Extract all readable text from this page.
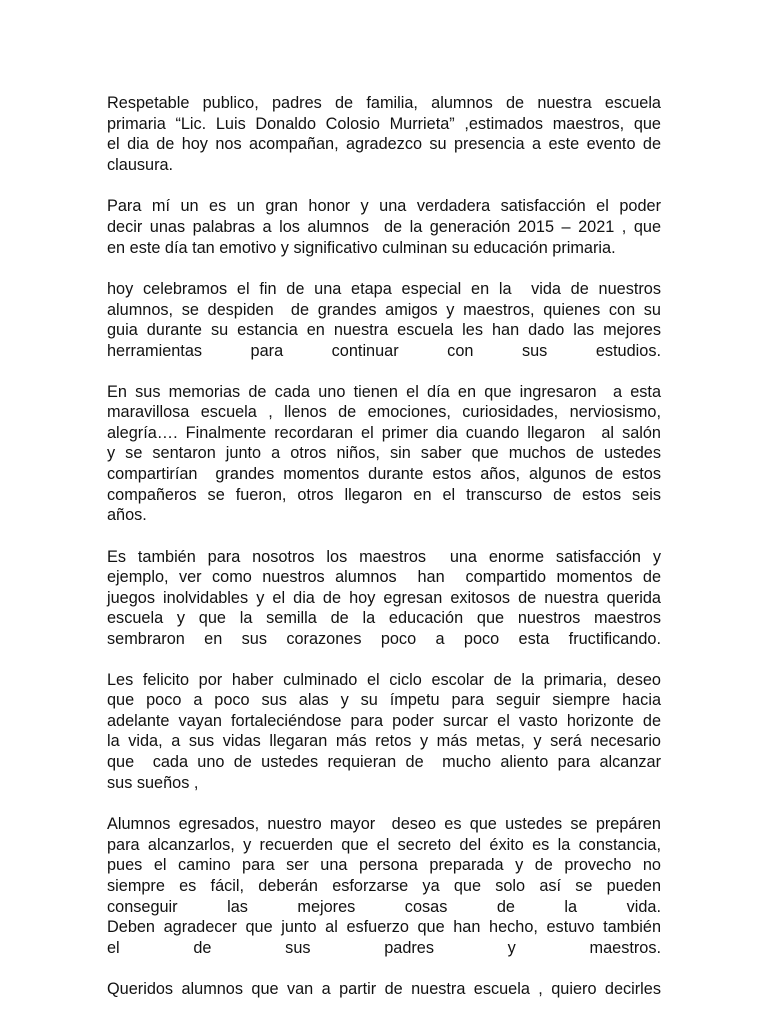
Respetable publico, padres de familia, alumnos de nuestra escuela
primaria “Lic. Luis Donaldo Colosio Murrieta” ,estimados maestros, que
el dia de hoy nos acompañan, agradezco su presencia a este evento de
clausura.
Para mí un es un gran honor y una verdadera satisfacción el poder
decir unas palabras a los alumnos  de la generación 2015 – 2021 , que
en este día tan emotivo y significativo culminan su educación primaria.
hoy celebramos el fin de una etapa especial en la  vida de nuestros
alumnos, se despiden  de grandes amigos y maestros, quienes con su
guia durante su estancia en nuestra escuela les han dado las mejores
herramientas para continuar con sus estudios.
En sus memorias de cada uno tienen el día en que ingresaron  a esta
maravillosa escuela , llenos de emociones, curiosidades, nerviosismo,
alegría…. Finalmente recordaran el primer dia cuando llegaron  al salón
y se sentaron junto a otros niños, sin saber que muchos de ustedes
compartirían  grandes momentos durante estos años, algunos de estos
compañeros se fueron, otros llegaron en el transcurso de estos seis
años.
Es también para nosotros los maestros  una enorme satisfacción y
ejemplo, ver como nuestros alumnos  han  compartido momentos de
juegos inolvidables y el dia de hoy egresan exitosos de nuestra querida
escuela y que la semilla de la educación que nuestros maestros
sembraron en sus corazones poco a poco esta fructificando.
Les felicito por haber culminado el ciclo escolar de la primaria, deseo
que poco a poco sus alas y su ímpetu para seguir siempre hacia
adelante vayan fortaleciéndose para poder surcar el vasto horizonte de
la vida, a sus vidas llegaran más retos y más metas, y será necesario
que  cada uno de ustedes requieran de  mucho aliento para alcanzar
sus sueños ,
Alumnos egresados, nuestro mayor  deseo es que ustedes se prepáren
para alcanzarlos, y recuerden que el secreto del éxito es la constancia,
pues el camino para ser una persona preparada y de provecho no
siempre es fácil, deberán esforzarse ya que solo así se pueden
conseguir las mejores cosas de la vida.
Deben agradecer que junto al esfuerzo que han hecho, estuvo también
el de sus padres y maestros.
Queridos alumnos que van a partir de nuestra escuela , quiero decirles
